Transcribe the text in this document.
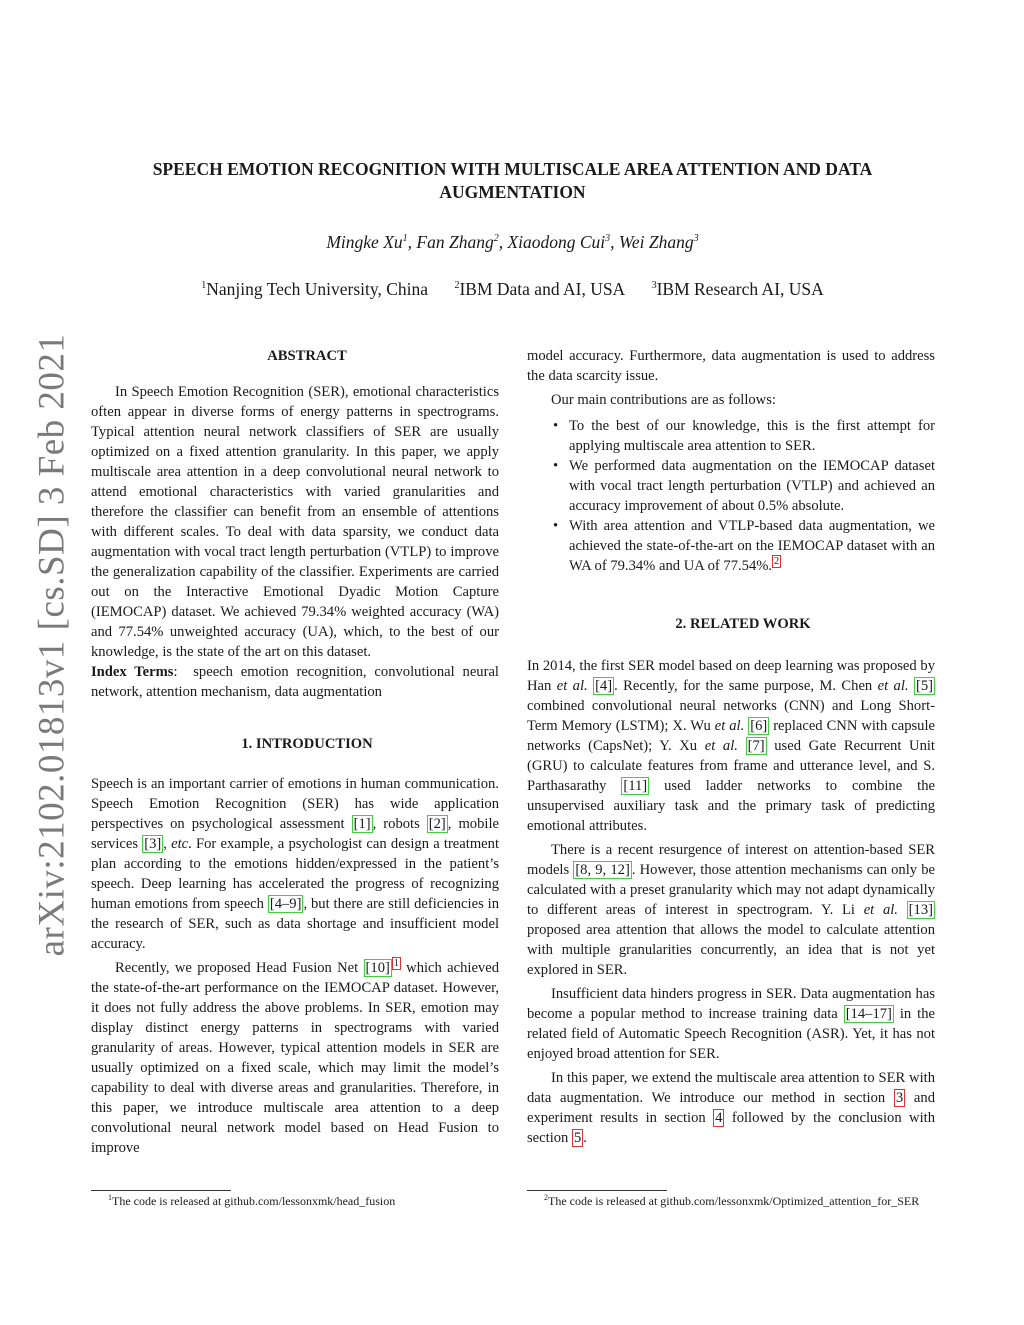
arXiv:2102.01813v1 [cs.SD] 3 Feb 2021
SPEECH EMOTION RECOGNITION WITH MULTISCALE AREA ATTENTION AND DATA AUGMENTATION
Mingke Xu$^1$, Fan Zhang$^2$, Xiaodong Cui$^3$, Wei Zhang$^3$
$^1$Nanjing Tech University, China	$^2$IBM Data and AI, USA	$^3$IBM Research AI, USA

ABSTRACT

In Speech Emotion Recognition (SER), emotional characteristics often appear in diverse forms of energy patterns in spectrograms. Typical attention neural network classifiers of SER are usually optimized on a fixed attention granularity. In this paper, we apply multiscale area attention in a deep convolutional neural network to attend emotional characteristics with varied granularities and therefore the classifier can benefit from an ensemble of attentions with different scales. To deal with data sparsity, we conduct data augmentation with vocal tract length perturbation (VTLP) to improve the generalization capability of the classifier. Experiments are carried out on the Interactive Emotional Dyadic Motion Capture (IEMOCAP) dataset. We achieved 79.34% weighted accuracy (WA) and 77.54% unweighted accuracy (UA), which, to the best of our knowledge, is the state of the art on this dataset.

Index Terms:  speech emotion recognition, convolutional neural network, attention mechanism, data augmentation

1. INTRODUCTION

Speech is an important carrier of emotions in human communication. Speech Emotion Recognition (SER) has wide application perspectives on psychological assessment [1] , robots [2] , mobile services [3] , etc. For example, a psychologist can design a treatment plan according to the emotions hidden/expressed in the patient’s speech. Deep learning has accelerated the progress of recognizing human emotions from speech [4–9] , but there are still deficiencies in the research of SER, such as data shortage and insufficient model accuracy.

Recently, we proposed Head Fusion Net [10] $^1$ which achieved the state-of-the-art performance on the IEMOCAP dataset. However, it does not fully address the above problems. In SER, emotion may display distinct energy patterns in spectrograms with varied granularity of areas. However, typical attention models in SER are usually optimized on a fixed scale, which may limit the model’s capability to deal with diverse areas and granularities. Therefore, in this paper, we introduce multiscale area attention to a deep convolutional neural network model based on Head Fusion to improve

model accuracy. Furthermore, data augmentation is used to address the data scarcity issue.

Our main contributions are as follows:

• To the best of our knowledge, this is the first attempt for applying multiscale area attention to SER.
• We performed data augmentation on the IEMOCAP dataset with vocal tract length perturbation (VTLP) and achieved an accuracy improvement of about 0.5% absolute.
• With area attention and VTLP-based data augmentation, we achieved the state-of-the-art on the IEMOCAP dataset with an WA of 79.34% and UA of 77.54%. $^2$

2. RELATED WORK

In 2014, the first SER model based on deep learning was proposed by Han et al. [4] . Recently, for the same purpose, M. Chen et al. [5] combined convolutional neural networks (CNN) and Long Short-Term Memory (LSTM); X. Wu et al. [6] replaced CNN with capsule networks (CapsNet); Y. Xu et al. [7] used Gate Recurrent Unit (GRU) to calculate features from frame and utterance level, and S. Parthasarathy [11] used ladder networks to combine the unsupervised auxiliary task and the primary task of predicting emotional attributes.

There is a recent resurgence of interest on attention-based SER models [8, 9, 12] . However, those attention mechanisms can only be calculated with a preset granularity which may not adapt dynamically to different areas of interest in spectrogram. Y. Li et al. [13] proposed area attention that allows the model to calculate attention with multiple granularities concurrently, an idea that is not yet explored in SER.

Insufficient data hinders progress in SER. Data augmentation has become a popular method to increase training data [14–17] in the related field of Automatic Speech Recognition (ASR). Yet, it has not enjoyed broad attention for SER.

In this paper, we extend the multiscale area attention to SER with data augmentation. We introduce our method in section 3 and experiment results in section 4 followed by the conclusion with section 5 .

$^1$The code is released at github.com/lessonxmk/head_fusion	$^2$The code is released at github.com/lessonxmk/Optimized_attention_for_SER
